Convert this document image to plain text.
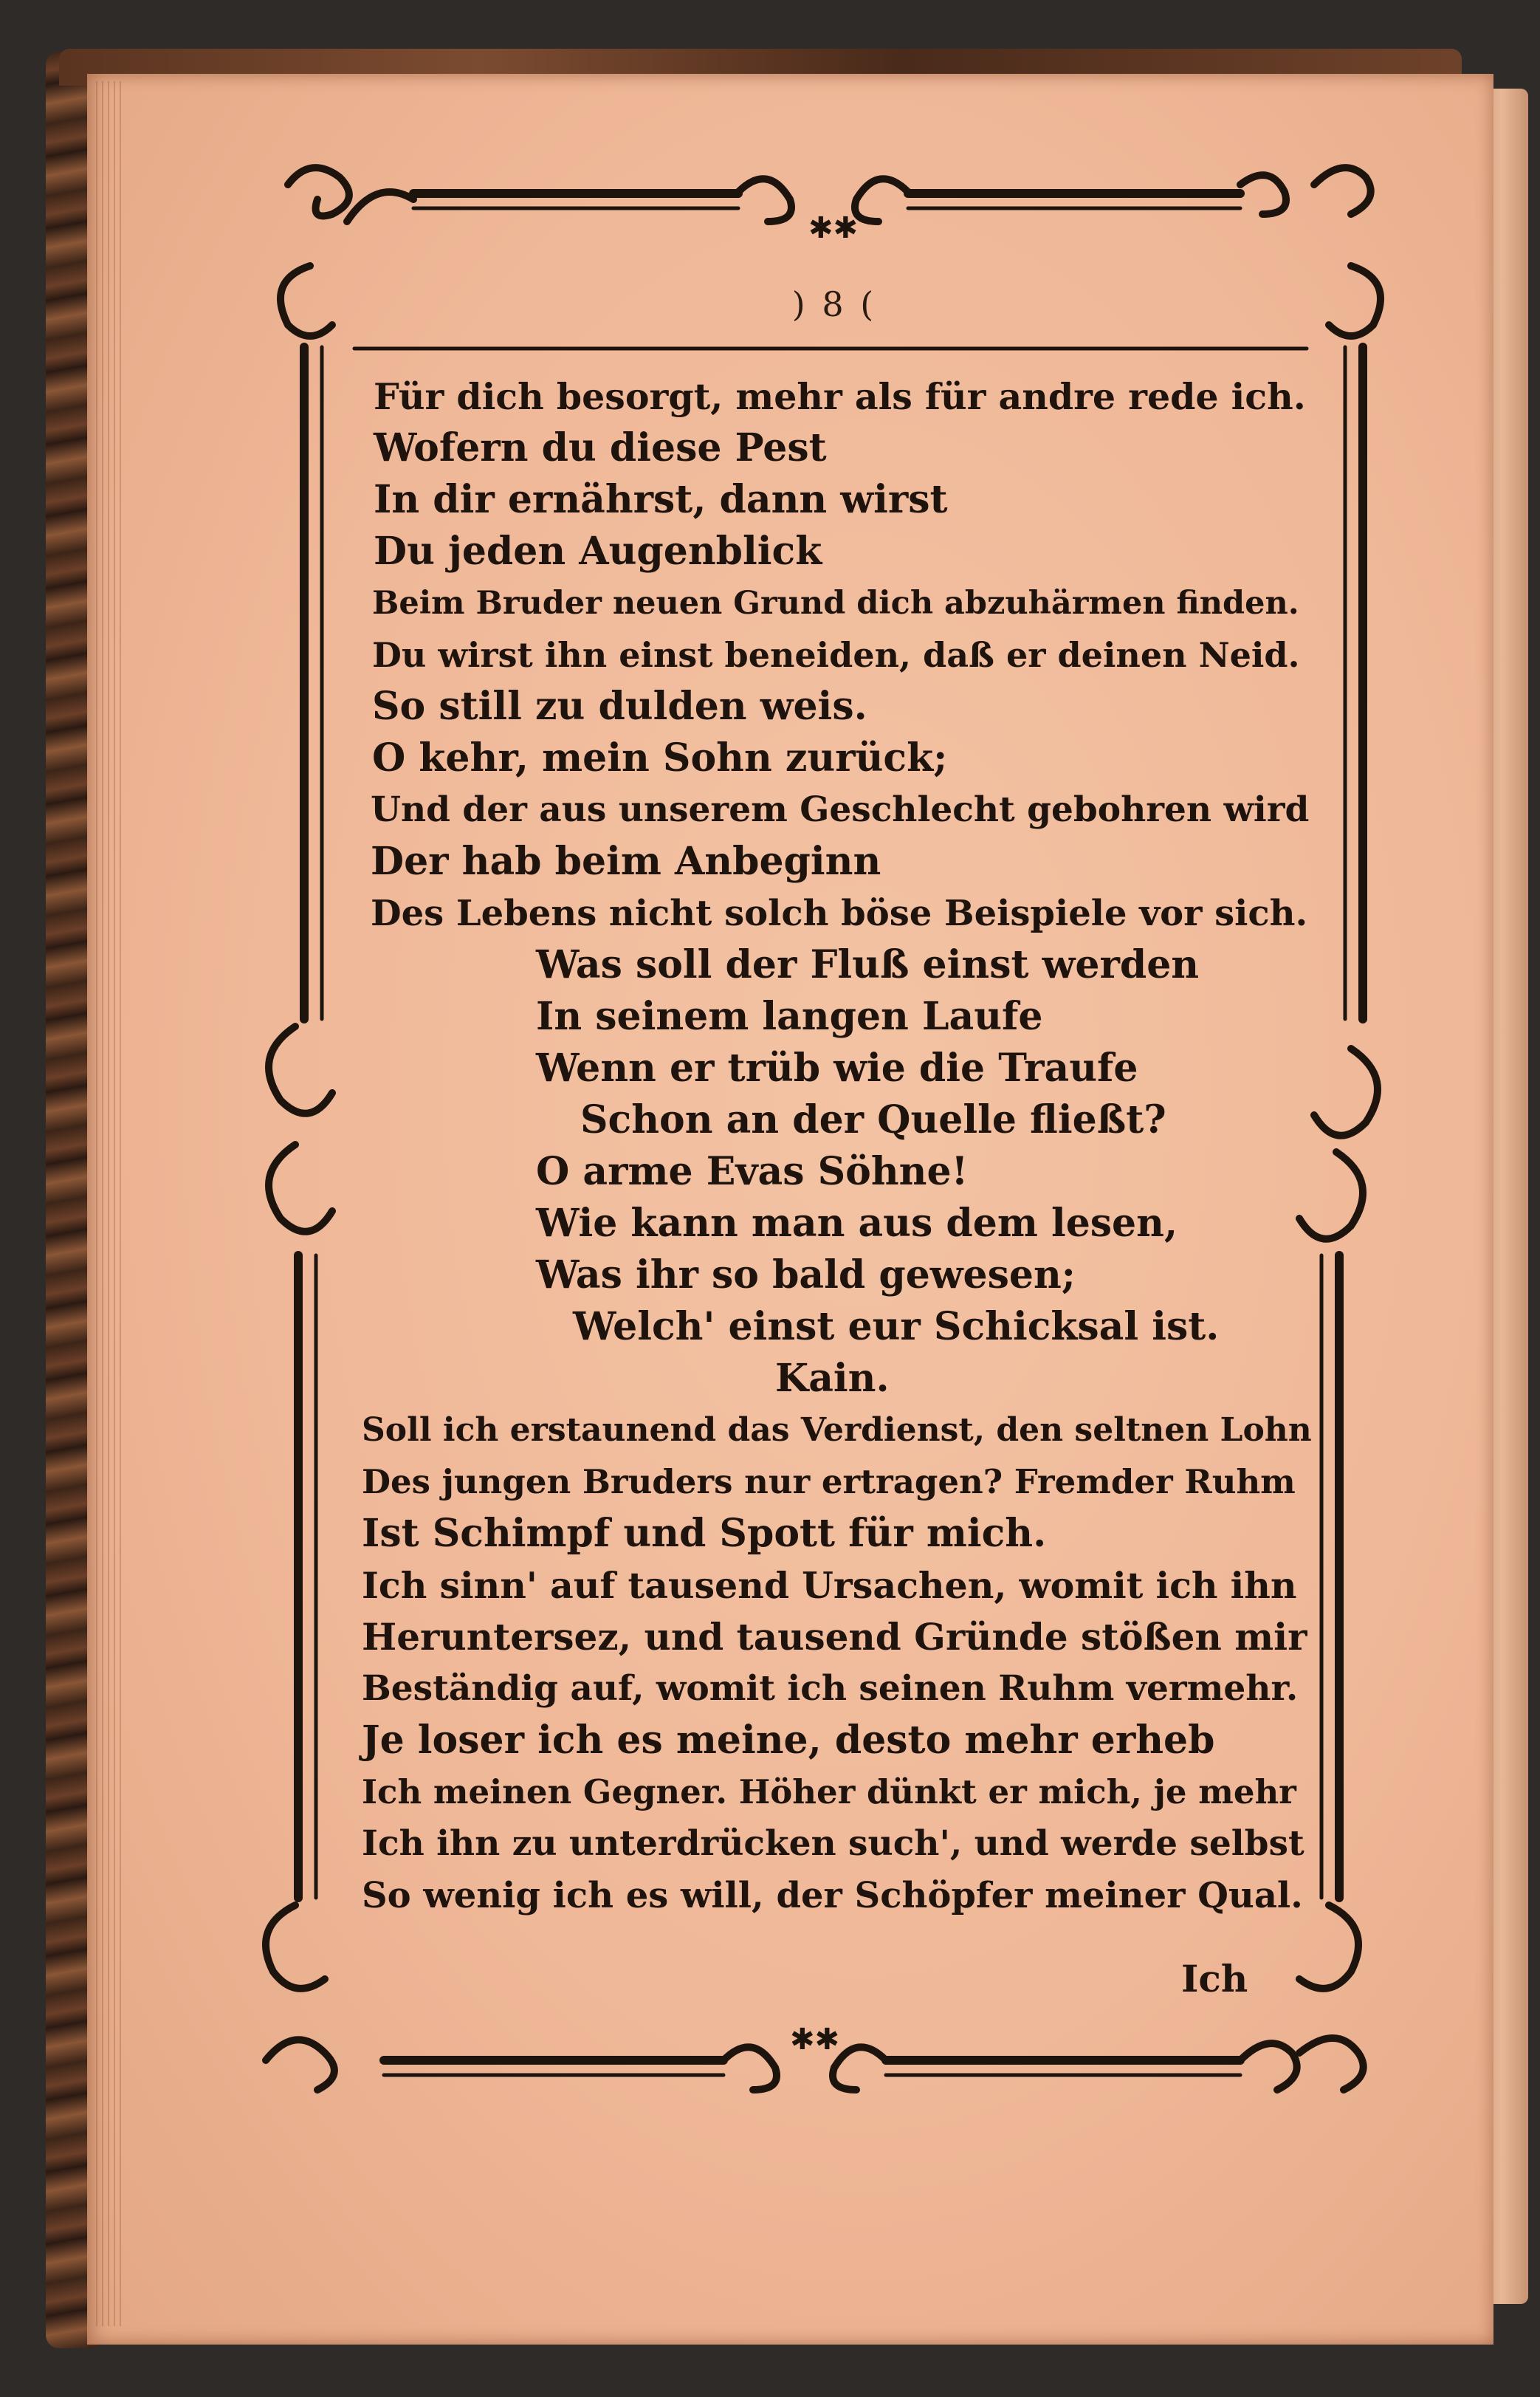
✱✱
✱✱
) 8 (
Für dich besorgt, mehr als für andre rede ich.
Wofern du diese Pest
In dir ernährst, dann wirst
Du jeden Augenblick
Beim Bruder neuen Grund dich abzuhärmen finden.
Du wirst ihn einst beneiden, daß er deinen Neid.
So still zu dulden weis.
O kehr, mein Sohn zurück;
Und der aus unserem Geschlecht gebohren wird
Der hab beim Anbeginn
Des Lebens nicht solch böse Beispiele vor sich.
Was soll der Fluß einst werden
In seinem langen Laufe
Wenn er trüb wie die Traufe
Schon an der Quelle fließt?
O arme Evas Söhne!
Wie kann man aus dem lesen,
Was ihr so bald gewesen;
Welch' einst eur Schicksal ist.
Kain.
Soll ich erstaunend das Verdienst, den seltnen Lohn
Des jungen Bruders nur ertragen? Fremder Ruhm
Ist Schimpf und Spott für mich.
Ich sinn' auf tausend Ursachen, womit ich ihn
Heruntersez, und tausend Gründe stößen mir
Beständig auf, womit ich seinen Ruhm vermehr.
Je loser ich es meine, desto mehr erheb
Ich meinen Gegner. Höher dünkt er mich, je mehr
Ich ihn zu unterdrücken such', und werde selbst
So wenig ich es will, der Schöpfer meiner Qual.
Ich
